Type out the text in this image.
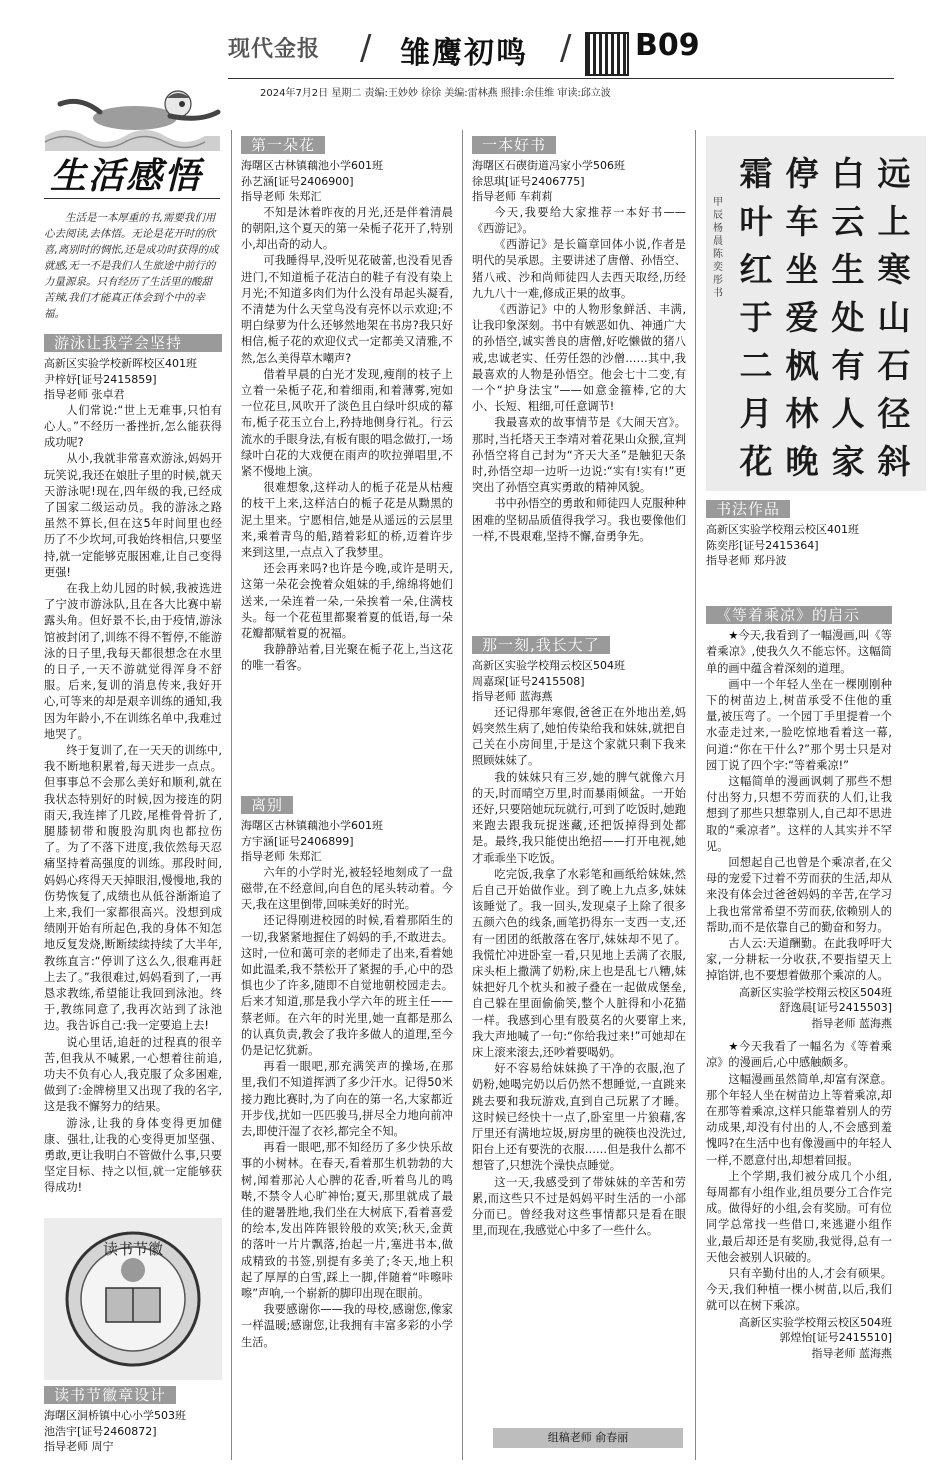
现代金报 / 雏鹰初鸣 / B09
2024年7月2日 星期二 责编:王妙妙 徐徐 美编:雷林燕 照排:余佳维 审读:邱立波
生活感悟

生活是一本厚重的书,需要我们用心去阅读,去体悟。无论是花开时的欣喜,离别时的惆怅,还是成功时获得的成就感,无一不是我们人生旅途中前行的力量源泉。只有经历了生活里的酸甜苦辣,我们才能真正体会到个中的幸福。

游泳让我学会坚持

高新区实验学校新晖校区401班

尹梓妤[证号2415859]

指导老师 张卓君

人们常说:“世上无难事,只怕有心人。”不经历一番挫折,怎么能获得成功呢?

从小,我就非常喜欢游泳,妈妈开玩笑说,我还在娘肚子里的时候,就天天游泳呢!现在,四年级的我,已经成了国家二级运动员。我的游泳之路虽然不算长,但在这5年时间里也经历了不少坎坷,可我始终相信,只要坚持,就一定能够克服困难,让自己变得更强!

在我上幼儿园的时候,我被选进了宁波市游泳队,且在各大比赛中崭露头角。但好景不长,由于疫情,游泳馆被封闭了,训练不得不暂停,不能游泳的日子里,我每天都很想念在水里的日子,一天不游就觉得浑身不舒服。后来,复训的消息传来,我好开心,可等来的却是艰辛训练的通知,我因为年龄小,不在训练名单中,我难过地哭了。

终于复训了,在一天天的训练中,我不断地积累着,每天进步一点点。但事事总不会那么美好和顺利,就在我状态特别好的时候,因为接连的阴雨天,我连摔了几跤,尾椎骨骨折了,腿膝韧带和腹股沟肌肉也都拉伤了。为了不落下进度,我依然每天忍痛坚持着高强度的训练。那段时间,妈妈心疼得天天掉眼泪,慢慢地,我的伤势恢复了,成绩也从低谷渐渐追了上来,我们一家都很高兴。没想到成绩刚开始有所起色,我的身体不知怎地反复发烧,断断续续持续了大半年,教练直言:“停训了这么久,很难再赶上去了。”我很难过,妈妈看到了,一再恳求教练,希望能让我回到泳池。终于,教练同意了,我再次站到了泳池边。我告诉自己:我一定要追上去!

说心里话,追赶的过程真的很辛苦,但我从不喊累,一心想着往前追,功夫不负有心人,我克服了众多困难,做到了:金牌榜里又出现了我的名字,这是我不懈努力的结果。

游泳,让我的身体变得更加健康、强壮,让我的心变得更加坚强、勇敢,更让我明白不管做什么事,只要坚定目标、持之以恒,就一定能够获得成功!

读书节徽
读书节徽章设计

海曙区洞桥镇中心小学503班

池浩宇[证号2460872]

指导老师 周宁

第一朵花

海曙区古林镇藕池小学601班

孙艺涵[证号2406900]

指导老师 朱郑汇

不知是沐着昨夜的月光,还是伴着清晨的朝阳,这个夏天的第一朵栀子花开了,特别小,却出奇的动人。

可我睡得早,没听见花破蕾,也没看见香进门,不知道栀子花洁白的鞋子有没有染上月光;不知道多肉们为什么没有昂起头凝看,不清楚为什么天堂鸟没有亮怀以示欢迎;不明白绿萝为什么还够然地架在书房?我只好相信,栀子花的欢迎仪式一定都美又清雅,不然,怎么美得草木嘲声?

借着早晨的白光才发现,瘦削的枝子上立着一朵栀子花,和着细雨,和着薄雾,宛如一位花旦,风吹开了淡色且白绿叶织成的幕布,栀子花玉立台上,矜持地侧身行礼。行云流水的手眼身法,有板有眼的唱念做打,一场绿叶白花的大戏便在雨声的吹拉弹唱里,不紧不慢地上演。

很难想象,这样动人的栀子花是从枯瘦的枝干上来,这样洁白的栀子花是从黝黑的泥土里来。宁愿相信,她是从遥远的云层里来,乘着青鸟的船,踏着彩虹的桥,迈着许步来到这里,一点点入了我梦里。

还会再来吗?也许是今晚,或许是明天,这第一朵花会挽着众姐妹的手,绵绵将她们送来,一朵连着一朵,一朵挨着一朵,住满枝头。每一个花苞里都聚着夏的低语,每一朵花瓣都赋着夏的祝福。

我静静站着,目光聚在栀子花上,当这花的唯一看客。

离别

海曙区古林镇藕池小学601班

方宇涵[证号2406899]

指导老师 朱郑汇

六年的小学时光,被轻轻地刻成了一盘磁带,在不经意间,向自色的尾头转动着。今天,我在这里倒带,回味美好的时光。

还记得刚进校园的时候,看着那陌生的一切,我紧紧地握住了妈妈的手,不敢进去。这时,一位和蔼可亲的老师走了出来,看着她如此温柔,我不禁松开了紧握的手,心中的恐惧也少了许多,随即不自觉地朝校园走去。后来才知道,那是我小学六年的班主任——蔡老师。在六年的时光里,她一直都是那么的认真负责,教会了我许多做人的道理,至今仍是记忆犹新。

再看一眼吧,那充满笑声的操场,在那里,我们不知道挥洒了多少汗水。记得50米接力跑比赛时,为了向在的第一名,大家都近开步伐,扰如一匹匹骏马,拼尽全力地向前冲去,即使汗湿了衣衫,都完全不知。

再看一眼吧,那不知经历了多少快乐故事的小树林。在春天,看着那生机勃勃的大树,闻着那沁人心脾的花香,听着鸟儿的鸣啭,不禁令人心旷神怡;夏天,那里就成了最佳的避暑胜地,我们坐在大树底下,看着喜爱的绘本,发出阵阵银铃般的欢笑;秋天,金黄的落叶一片片飘落,抬起一片,塞进书本,做成精致的书签,别提有多美了;冬天,地上积起了厚厚的白雪,踩上一脚,伴随着“咔嚓咔嚓”声响,一个崭新的脚印出现在眼前。

我要感谢你——我的母校,感谢您,像家一样温暖;感谢您,让我拥有丰富多彩的小学生活。

一本好书

海曙区石碶街道冯家小学506班

徐思琪[证号2406775]

指导老师 车莉莉

今天,我要给大家推荐一本好书——《西游记》。

《西游记》是长篇章回体小说,作者是明代的吴承恩。主要讲述了唐僧、孙悟空、猪八戒、沙和尚师徒四人去西天取经,历经九九八十一难,修成正果的故事。

《西游记》中的人物形象鲜活、丰满,让我印象深刻。书中有嫉恶如仇、神通广大的孙悟空,诚实善良的唐僧,好吃懒做的猪八戒,忠诚老实、任劳任怨的沙僧……其中,我最喜欢的人物是孙悟空。他会七十二变,有一个“护身法宝”——如意金箍棒,它的大小、长短、粗细,可任意调节!

我最喜欢的故事情节是《大闹天宫》。那时,当托塔天王李靖对着花果山众猴,宣判孙悟空将自己封为“齐天大圣”是触犯天条时,孙悟空却一边听一边说:“实有!实有!”更突出了孙悟空真实勇敢的精神风貌。

书中孙悟空的勇敢和师徒四人克服种种困难的坚韧品质值得我学习。我也要像他们一样,不畏艰难,坚持不懈,奋勇争先。

那一刻,我长大了

高新区实验学校翔云校区504班

周嘉琛[证号2415508]

指导老师 蓝海燕

还记得那年寒假,爸爸正在外地出差,妈妈突然生病了,她怕传染给我和妹妹,就把自己关在小房间里,于是这个家就只剩下我来照顾妹妹了。

我的妹妹只有三岁,她的脾气就像六月的天,时而晴空万里,时而暴雨倾盆。一开始还好,只要陪她玩玩就行,可到了吃饭时,她跑来跑去跟我玩捉迷藏,还把饭掉得到处都是。最终,我只能使出绝招——打开电视,她才乖乖坐下吃饭。

吃完饭,我拿了水彩笔和画纸给妹妹,然后自己开始做作业。到了晚上九点多,妹妹该睡觉了。我一回头,发现桌子上除了很多五颜六色的线条,画笔扔得东一支西一支,还有一团团的纸散落在客厅,妹妹却不见了。我慌忙冲进卧室一看,只见地上丢满了衣服,床头柜上撒满了奶粉,床上也是乱七八糟,妹妹把好几个枕头和被子叠在一起做成堡垒,自己躲在里面偷偷笑,整个人脏得和小花猫一样。我感到心里有股莫名的火要窜上来,我大声地喊了一句:“你给我过来!”可她却在床上滚来滚去,还吵着要喝奶。

好不容易给妹妹换了干净的衣服,泡了奶粉,她喝完奶以后仍然不想睡觉,一直跳来跳去要和我玩游戏,直到自己玩累了才睡。这时候已经快十一点了,卧室里一片狼藉,客厅里还有满地垃圾,厨房里的碗筷也没洗过,阳台上还有要洗的衣服……但是我什么都不想管了,只想洗个澡快点睡觉。

这一天,我感受到了带妹妹的辛苦和劳累,而这些只不过是妈妈平时生活的一小部分而已。曾经我对这些事情都只是看在眼里,而现在,我感觉心中多了一些什么。

组稿老师 俞春丽
远上寒山石径斜
白云生处有人家
停车坐爱枫林晚
霜叶红于二月花
甲辰杨晨陈奕彤书
书法作品

高新区实验学校翔云校区401班

陈奕彤[证号2415364]

指导老师 郑丹波

《等着乘凉》的启示

★今天,我看到了一幅漫画,叫《等着乘凉》,使我久久不能忘怀。这幅简单的画中蕴含着深刻的道理。

画中一个年轻人坐在一棵刚刚种下的树苗边上,树苗承受不住他的重量,被压弯了。一个园丁手里提着一个水壶走过来,一脸吃惊地看着这一幕,问道:“你在干什么?”那个男士只是对园丁说了四个字:“等着乘凉!”

这幅简单的漫画讽刺了那些不想付出努力,只想不劳而获的人们,让我想到了那些只想靠别人,自己却不思进取的“乘凉者”。这样的人其实并不罕见。

回想起自己也曾是个乘凉者,在父母的宠爱下过着不劳而获的生活,却从来没有体会过爸爸妈妈的辛苦,在学习上我也常常希望不劳而获,依赖别人的帮助,而不是依靠自己的勤奋和努力。

古人云:天道酬勤。在此我呼吁大家,一分耕耘一分收获,不要指望天上掉馅饼,也不要想着做那个乘凉的人。

高新区实验学校翔云校区504班

舒逸晨[证号2415503]

指导老师 蓝海燕

★今天我看了一幅名为《等着乘凉》的漫画后,心中感触颇多。

这幅漫画虽然简单,却富有深意。那个年轻人坐在树苗边上等着乘凉,却在那等着乘凉,这样只能靠着别人的劳动成果,却没有付出的人,不会感到羞愧吗?在生活中也有像漫画中的年轻人一样,不愿意付出,却想着回报。

上个学期,我们被分成几个小组,每周都有小组作业,组员要分工合作完成。做得好的小组,会有奖励。可有位同学总常找一些借口,来逃避小组作业,最后却还是有奖励,我觉得,总有一天他会被别人识破的。

只有辛勤付出的人,才会有硕果。今天,我们种植一棵小树苗,以后,我们就可以在树下乘凉。

高新区实验学校翔云校区504班

郭煌怡[证号2415510]

指导老师 蓝海燕
